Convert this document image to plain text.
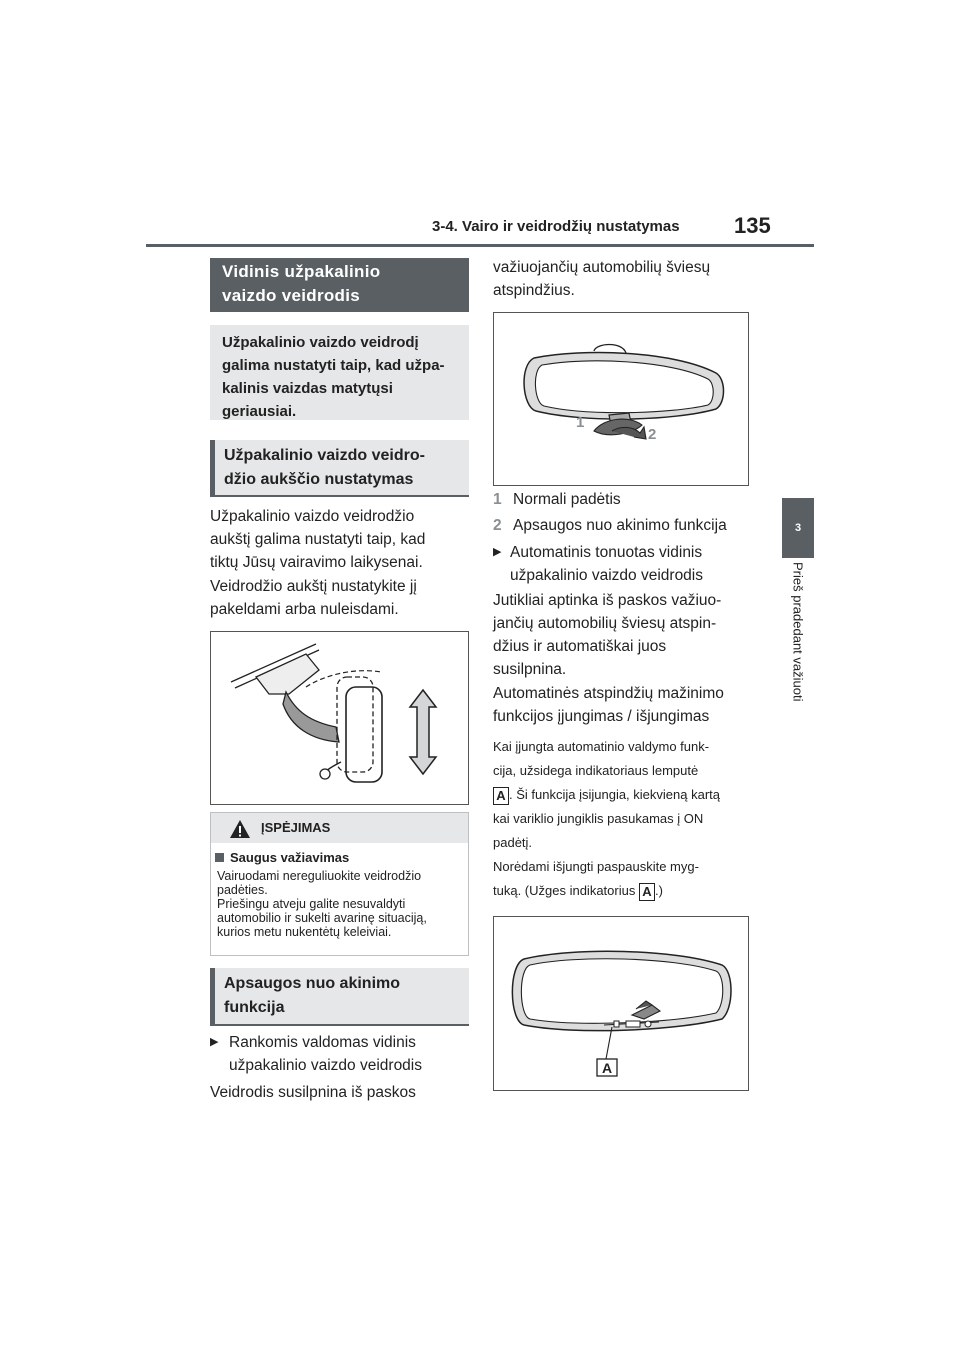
3-4. Vairo ir veidrodžių nustatymas 135
3
Prieš pradedant važiuoti
Vidinis užpakalinio
vaizdo veidrodis
Užpakalinio vaizdo veidrodį
galima nustatyti taip, kad užpa-
kalinis vaizdas matytųsi
geriausiai.
Užpakalinio vaizdo veidro-
džio aukščio nustatymas
Užpakalinio vaizdo veidrodžio
aukštį galima nustatyti taip, kad
tiktų Jūsų vairavimo laikysenai.
Veidrodžio aukštį nustatykite jį
pakeldami arba nuleisdami.
ĮSPĖJIMAS
Saugus važiavimas
Vairuodami nereguliuokite veidrodžio
padėties.
Priešingu atveju galite nesuvaldyti
automobilio ir sukelti avarinę situaciją,
kurios metu nukentėtų keleiviai.
Apsaugos nuo akinimo
funkcija
▶ Rankomis valdomas vidinis
užpakalinio vaizdo veidrodis
Veidrodis susilpnina iš paskos
važiuojančių automobilių šviesų
atspindžius.
1
2
1 Normali padėtis
2 Apsaugos nuo akinimo funkcija
▶ Automatinis tonuotas vidinis
užpakalinio vaizdo veidrodis
Jutikliai aptinka iš paskos važiuo-
jančių automobilių šviesų atspin-
džius ir automatiškai juos
susilpnina.
Automatinės atspindžių mažinimo
funkcijos įjungimas / išjungimas
Kai įjungta automatinio valdymo funk-
cija, užsidega indikatoriaus lemputė
A . Ši funkcija įsijungia, kiekvieną kartą
kai variklio jungiklis pasukamas į ON
padėtį.
Norėdami išjungti paspauskite myg-
tuką. (Užges indikatorius A .)
A
